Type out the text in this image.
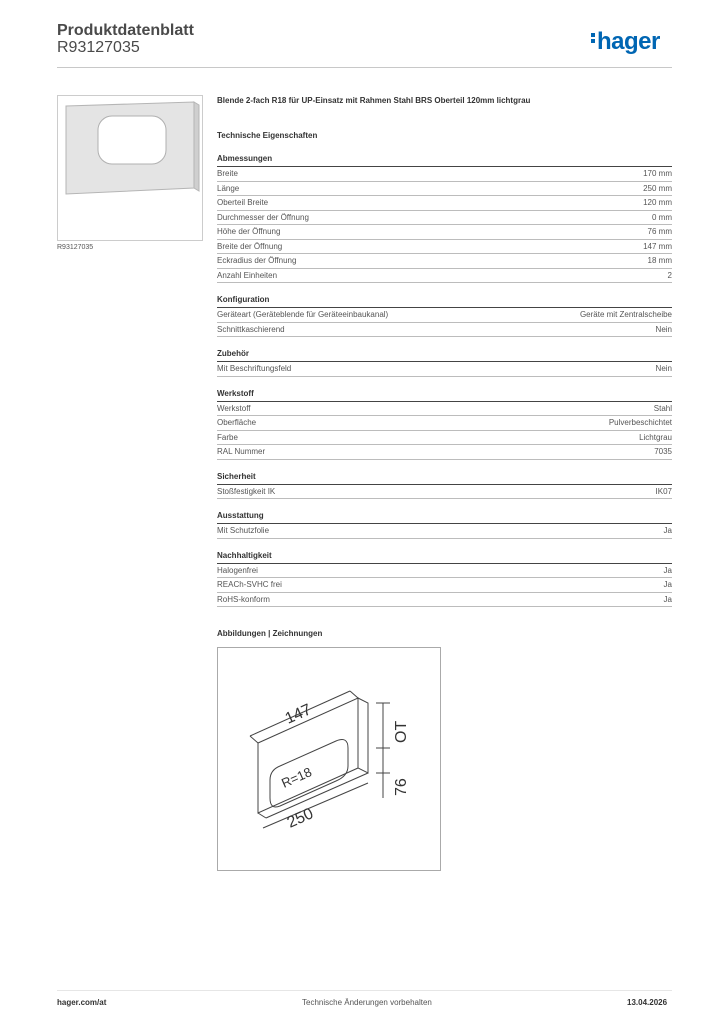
Produktdatenblatt
R93127035	hager
R93127035
Blende 2-fach R18 für UP-Einsatz mit Rahmen Stahl BRS Oberteil 120mm lichtgrau
Technische Eigenschaften
Abmessungen
Breite	170 mm
Länge	250 mm
Oberteil Breite	120 mm
Durchmesser der Öffnung	0 mm
Höhe der Öffnung	76 mm
Breite der Öffnung	147 mm
Eckradius der Öffnung	18 mm
Anzahl Einheiten	2
Konfiguration
Geräteart (Geräteblende für Geräteeinbaukanal)	Geräte mit Zentralscheibe
Schnittkaschierend	Nein
Zubehör
Mit Beschriftungsfeld	Nein
Werkstoff
Werkstoff	Stahl
Oberfläche	Pulverbeschichtet
Farbe	Lichtgrau
RAL Nummer	7035
Sicherheit
Stoßfestigkeit IK	IK07
Ausstattung
Mit Schutzfolie	Ja
Nachhaltigkeit
Halogenfrei	Ja
REACh-SVHC frei	Ja
RoHS-konform	Ja
Abbildungen | Zeichnungen
147
250
R=18
OT
76
hager.com/at	Technische Änderungen vorbehalten	13.04.2026
